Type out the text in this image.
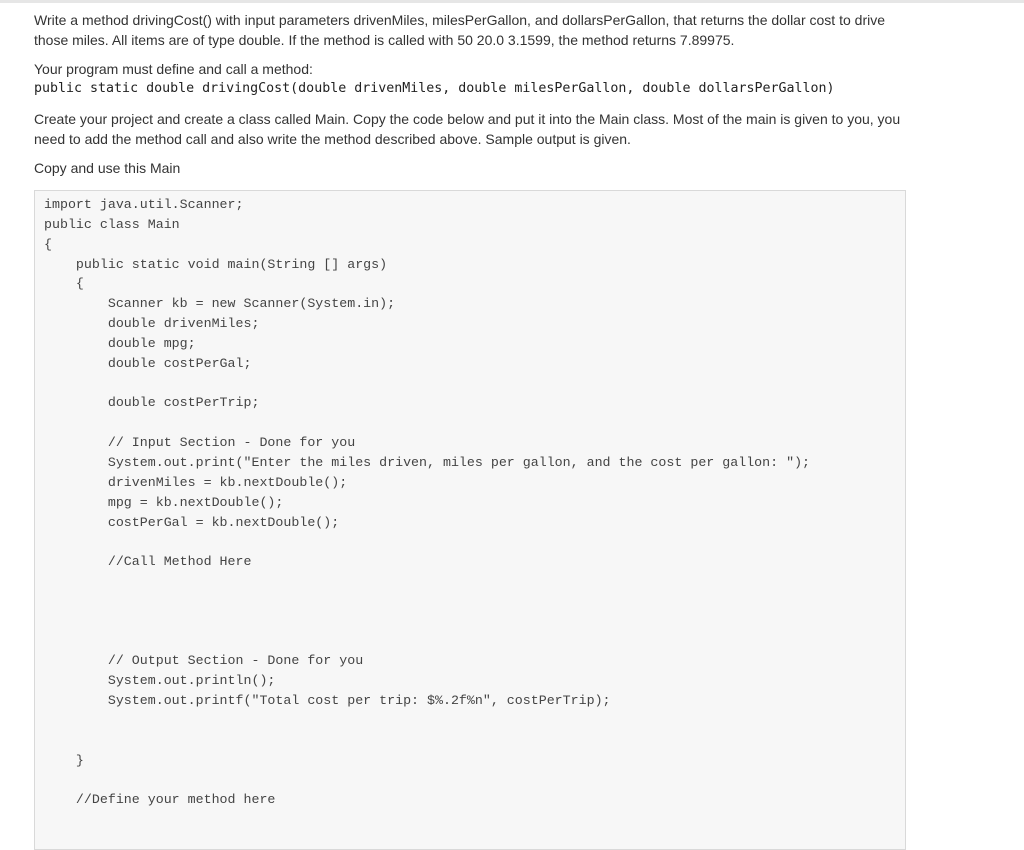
Write a method drivingCost() with input parameters drivenMiles, milesPerGallon, and dollarsPerGallon, that returns the dollar cost to drive those miles. All items are of type double. If the method is called with 50 20.0 3.1599, the method returns 7.89975.

Your program must define and call a method:

public static double drivingCost(double drivenMiles, double milesPerGallon, double dollarsPerGallon)

Create your project and create a class called Main. Copy the code below and put it into the Main class. Most of the main is given to you, you need to add the method call and also write the method described above. Sample output is given.

Copy and use this Main

import java.util.Scanner;
public class Main
{
public static void main(String [] args)
{
Scanner kb = new Scanner(System.in);
double drivenMiles;
double mpg;
double costPerGal;
double costPerTrip;
// Input Section - Done for you
System.out.print("Enter the miles driven, miles per gallon, and the cost per gallon: ");
drivenMiles = kb.nextDouble();
mpg = kb.nextDouble();
costPerGal = kb.nextDouble();
//Call Method Here
// Output Section - Done for you
System.out.println();
System.out.printf("Total cost per trip: $%.2f%n", costPerTrip);
}
//Define your method here
